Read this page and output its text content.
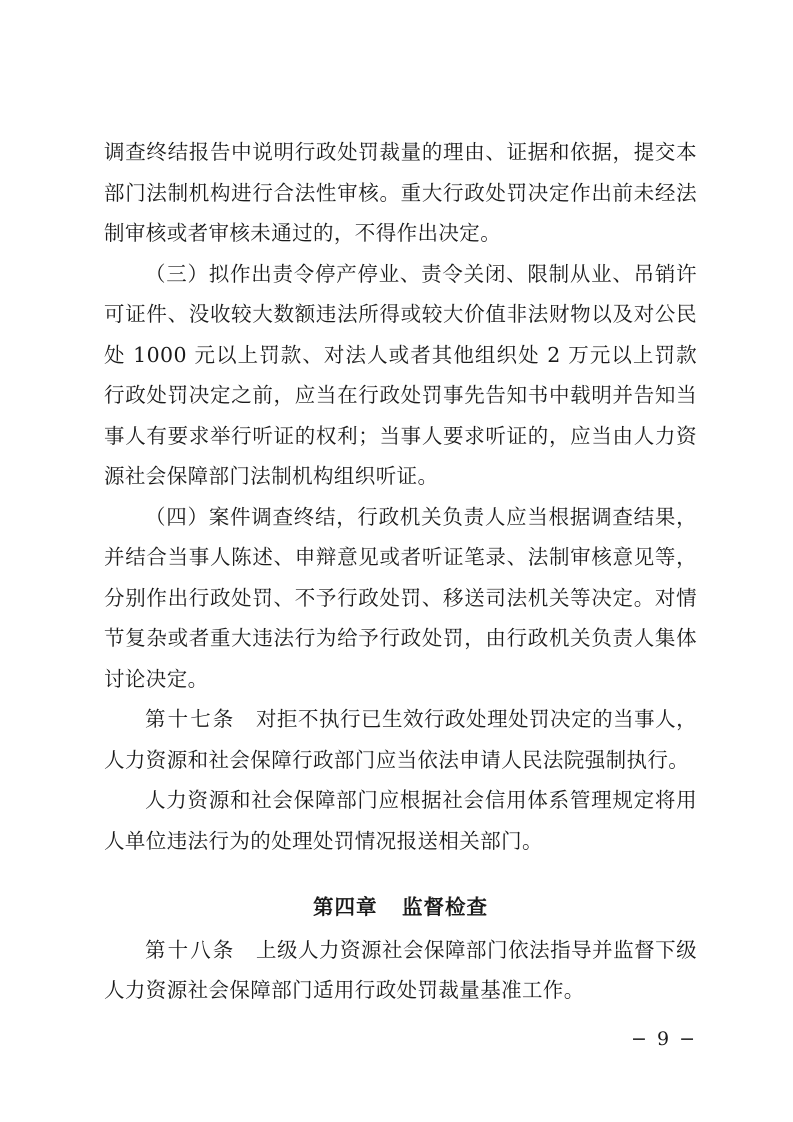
调查终结报告中说明行政处罚裁量的理由、证据和依据，提交本部门法制机构进行合法性审核。重大行政处罚决定作出前未经法制审核或者审核未通过的，不得作出决定。

（三）拟作出责令停产停业、责令关闭、限制从业、吊销许可证件、没收较大数额违法所得或较大价值非法财物以及对公民处 1000 元以上罚款、对法人或者其他组织处 2 万元以上罚款行政处罚决定之前，应当在行政处罚事先告知书中载明并告知当事人有要求举行听证的权利；当事人要求听证的，应当由人力资源社会保障部门法制机构组织听证。

（四）案件调查终结，行政机关负责人应当根据调查结果，并结合当事人陈述、申辩意见或者听证笔录、法制审核意见等，分别作出行政处罚、不予行政处罚、移送司法机关等决定。对情节复杂或者重大违法行为给予行政处罚，由行政机关负责人集体讨论决定。

第十七条 对拒不执行已生效行政处理处罚决定的当事人，人力资源和社会保障行政部门应当依法申请人民法院强制执行。

人力资源和社会保障部门应根据社会信用体系管理规定将用人单位违法行为的处理处罚情况报送相关部门。

第四章 监督检查

第十八条 上级人力资源社会保障部门依法指导并监督下级人力资源社会保障部门适用行政处罚裁量基准工作。

− 9 −
